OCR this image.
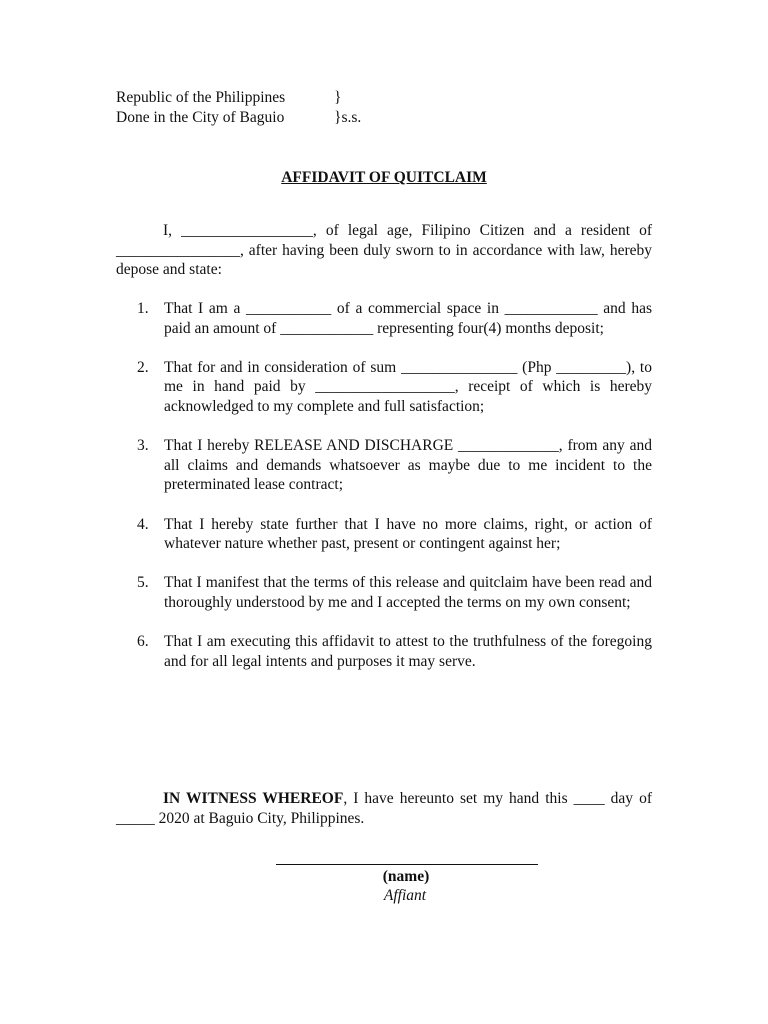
Republic of the Philippines	}
Done in the City of Baguio	}s.s.
AFFIDAVIT OF QUITCLAIM

I, _________________, of legal age, Filipino Citizen and a resident of ________________, after having been duly sworn to in accordance with law, hereby depose and state:

1. That I am a ___________ of a commercial space in ____________ and has paid an amount of ____________ representing four(4) months deposit;
2. That for and in consideration of sum _______________ (Php _________), to me in hand paid by __________________, receipt of which is hereby acknowledged to my complete and full satisfaction;
3. That I hereby RELEASE AND DISCHARGE _____________, from any and all claims and demands whatsoever as maybe due to me incident to the preterminated lease contract;
4. That I hereby state further that I have no more claims, right, or action of whatever nature whether past, present or contingent against her;
5. That I manifest that the terms of this release and quitclaim have been read and thoroughly understood by me and I accepted the terms on my own consent;
6. That I am executing this affidavit to attest to the truthfulness of the foregoing and for all legal intents and purposes it may serve.

IN WITNESS WHEREOF, I have hereunto set my hand this ____ day of _____ 2020 at Baguio City, Philippines.

(name)
Affiant
